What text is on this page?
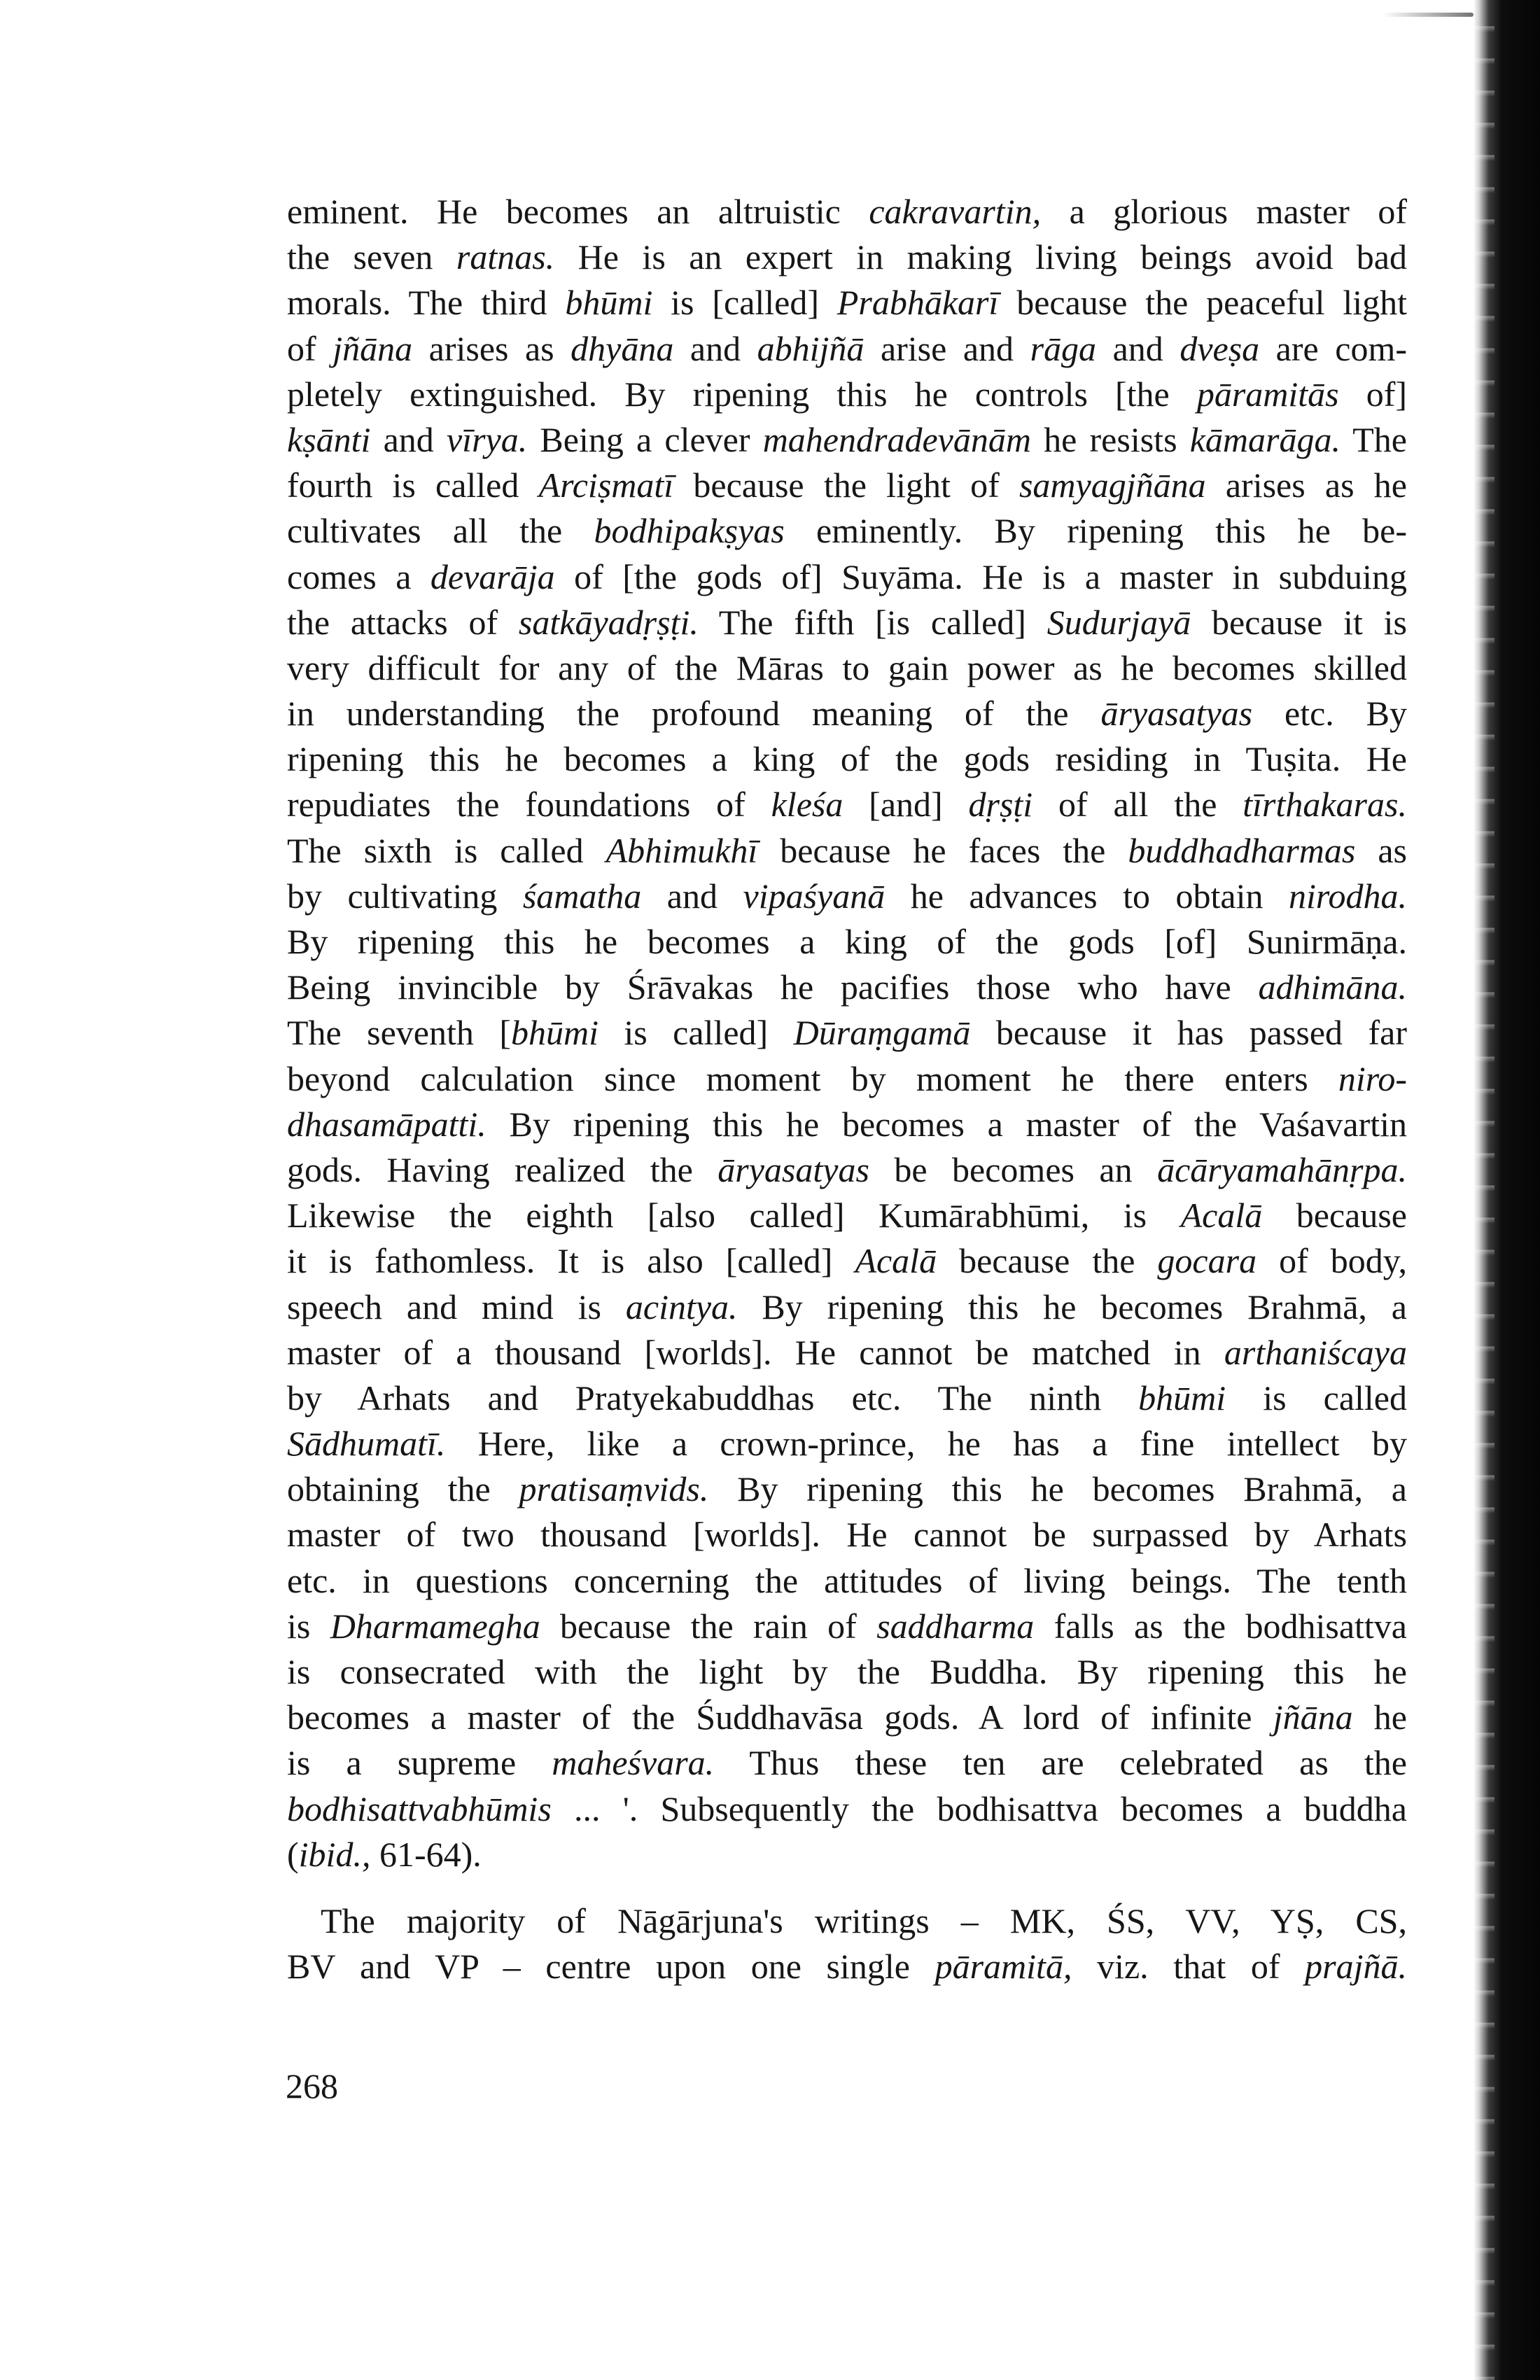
eminent. He becomes an altruistic cakravartin, a glorious master of
the seven ratnas. He is an expert in making living beings avoid bad
morals. The third bhūmi is [called] Prabhākarī because the peaceful light
of jñāna arises as dhyāna and abhijñā arise and rāga and dveṣa are com-
pletely extinguished. By ripening this he controls [the pāramitās of]
kṣānti and vīrya. Being a clever mahendradevānām he resists kāmarāga. The
fourth is called Arciṣmatī because the light of samyagjñāna arises as he
cultivates all the bodhipakṣyas eminently. By ripening this he be-
comes a devarāja of [the gods of] Suyāma. He is a master in subduing
the attacks of satkāyadṛṣṭi. The fifth [is called] Sudurjayā because it is
very difficult for any of the Māras to gain power as he becomes skilled
in understanding the profound meaning of the āryasatyas etc. By
ripening this he becomes a king of the gods residing in Tuṣita. He
repudiates the foundations of kleśa [and] dṛṣṭi of all the tīrthakaras.
The sixth is called Abhimukhī because he faces the buddhadharmas as
by cultivating śamatha and vipaśyanā he advances to obtain nirodha.
By ripening this he becomes a king of the gods [of] Sunirmāṇa.
Being invincible by Śrāvakas he pacifies those who have adhimāna.
The seventh [bhūmi is called] Dūraṃgamā because it has passed far
beyond calculation since moment by moment he there enters niro-
dhasamāpatti. By ripening this he becomes a master of the Vaśavartin
gods. Having realized the āryasatyas be becomes an ācāryamahānṛpa.
Likewise the eighth [also called] Kumārabhūmi, is Acalā because
it is fathomless. It is also [called] Acalā because the gocara of body,
speech and mind is acintya. By ripening this he becomes Brahmā, a
master of a thousand [worlds]. He cannot be matched in arthaniścaya
by Arhats and Pratyekabuddhas etc. The ninth bhūmi is called
Sādhumatī. Here, like a crown-prince, he has a fine intellect by
obtaining the pratisaṃvids. By ripening this he becomes Brahmā, a
master of two thousand [worlds]. He cannot be surpassed by Arhats
etc. in questions concerning the attitudes of living beings. The tenth
is Dharmamegha because the rain of saddharma falls as the bodhisattva
is consecrated with the light by the Buddha. By ripening this he
becomes a master of the Śuddhavāsa gods. A lord of infinite jñāna he
is a supreme maheśvara. Thus these ten are celebrated as the
bodhisattvabhūmis ... '. Subsequently the bodhisattva becomes a buddha
(ibid., 61-64).
The majority of Nāgārjuna's writings – MK, ŚS, VV, YṢ, CS,
BV and VP – centre upon one single pāramitā, viz. that of prajñā.
268
